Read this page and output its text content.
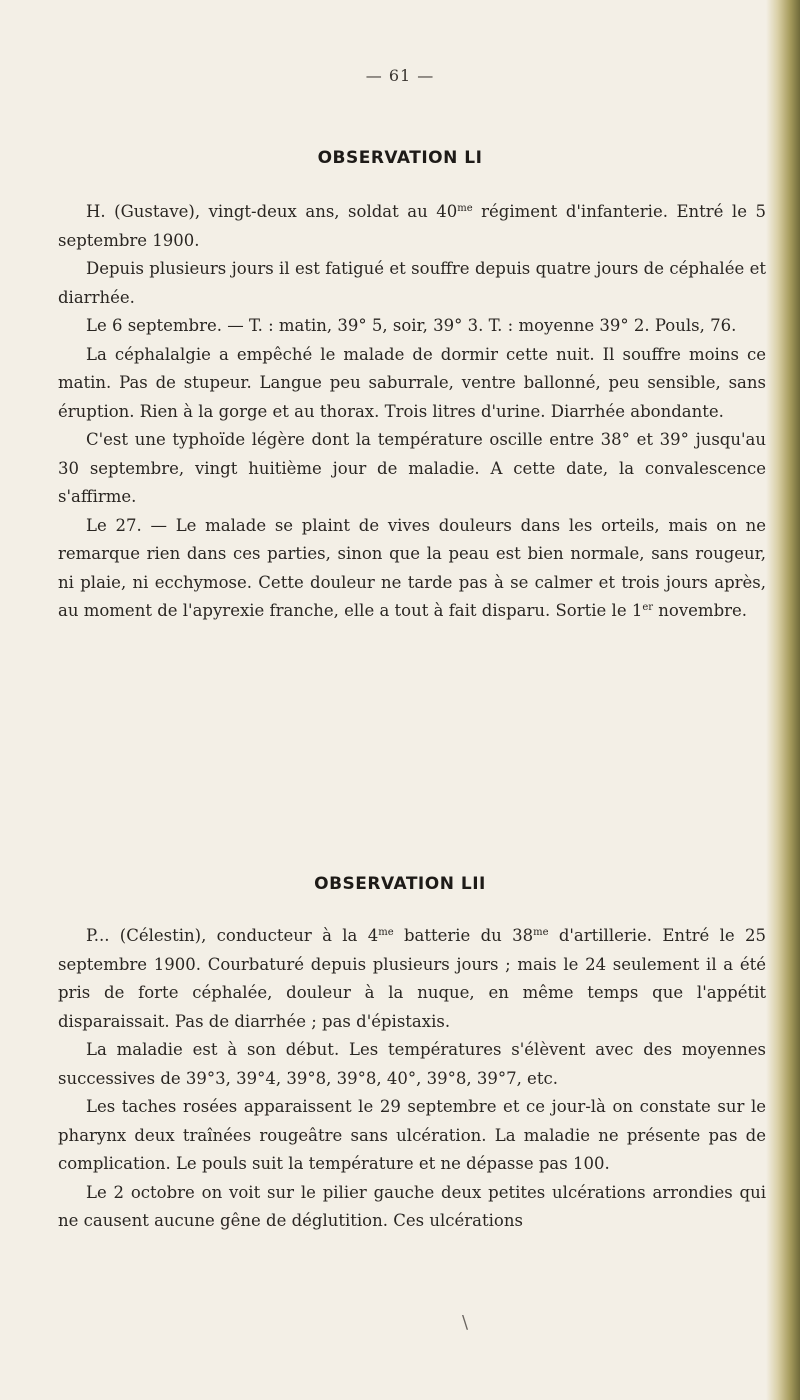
— 61 —
OBSERVATION LI

H. (Gustave), vingt-deux ans, soldat au $40^{me}$ régiment d'infanterie. Entré le 5 septembre 1900.

Depuis plusieurs jours il est fatigué et souffre depuis quatre jours de céphalée et diarrhée.

Le 6 septembre. — T. : matin, 39° 5, soir, 39° 3. T. : moyenne 39° 2. Pouls, 76.

La céphalalgie a empêché le malade de dormir cette nuit. Il souffre moins ce matin. Pas de stupeur. Langue peu saburrale, ventre ballonné, peu sensible, sans éruption. Rien à la gorge et au thorax. Trois litres d'urine. Diarrhée abondante.

C'est une typhoïde légère dont la température oscille entre 38° et 39° jusqu'au 30 septembre, vingt huitième jour de maladie. A cette date, la convalescence s'affirme.

Le 27. — Le malade se plaint de vives douleurs dans les orteils, mais on ne remarque rien dans ces parties, sinon que la peau est bien normale, sans rougeur, ni plaie, ni ecchymose. Cette douleur ne tarde pas à se calmer et trois jours après, au moment de l'apyrexie franche, elle a tout à fait disparu. Sortie le 1er novembre.

OBSERVATION LII

P... (Célestin), conducteur à la $4^{me}$ batterie du $38^{me}$ d'artillerie. Entré le 25 septembre 1900. Courbaturé depuis plusieurs jours ; mais le 24 seulement il a été pris de forte céphalée, douleur à la nuque, en même temps que l'appétit disparaissait. Pas de diarrhée ; pas d'épistaxis.

La maladie est à son début. Les températures s'élèvent avec des moyennes successives de 39°3, 39°4, 39°8, 39°8, 40°, 39°8, 39°7, etc.

Les taches rosées apparaissent le 29 septembre et ce jour-là on constate sur le pharynx deux traînées rougeâtre sans ulcération. La maladie ne présente pas de complication. Le pouls suit la température et ne dépasse pas 100.

Le 2 octobre on voit sur le pilier gauche deux petites ulcérations arrondies qui ne causent aucune gêne de déglutition. Ces ulcérations

\
